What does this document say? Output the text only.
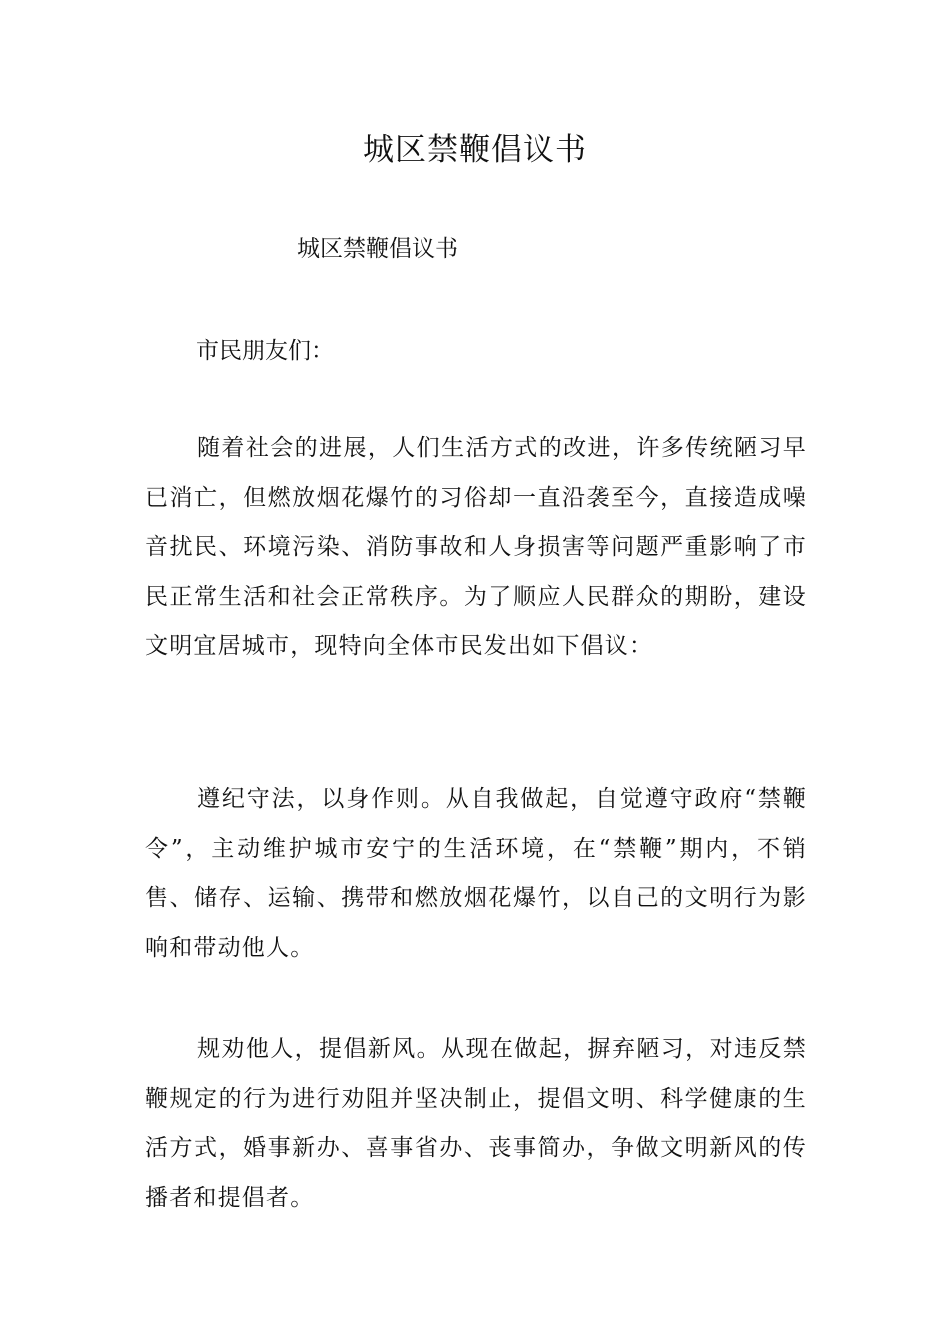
城区禁鞭倡议书

城区禁鞭倡议书

市民朋友们：

随着社会的进展，人们生活方式的改进，许多传统陋习早已消亡，但燃放烟花爆竹的习俗却一直沿袭至今，直接造成噪音扰民、环境污染、消防事故和人身损害等问题严重影响了市民正常生活和社会正常秩序。为了顺应人民群众的期盼，建设文明宜居城市，现特向全体市民发出如下倡议：

遵纪守法，以身作则。从自我做起，自觉遵守政府“禁鞭令”，主动维护城市安宁的生活环境，在“禁鞭”期内，不销售、储存、运输、携带和燃放烟花爆竹，以自己的文明行为影响和带动他人。

规劝他人，提倡新风。从现在做起，摒弃陋习，对违反禁鞭规定的行为进行劝阻并坚决制止，提倡文明、科学健康的生活方式，婚事新办、喜事省办、丧事简办，争做文明新风的传播者和提倡者。
